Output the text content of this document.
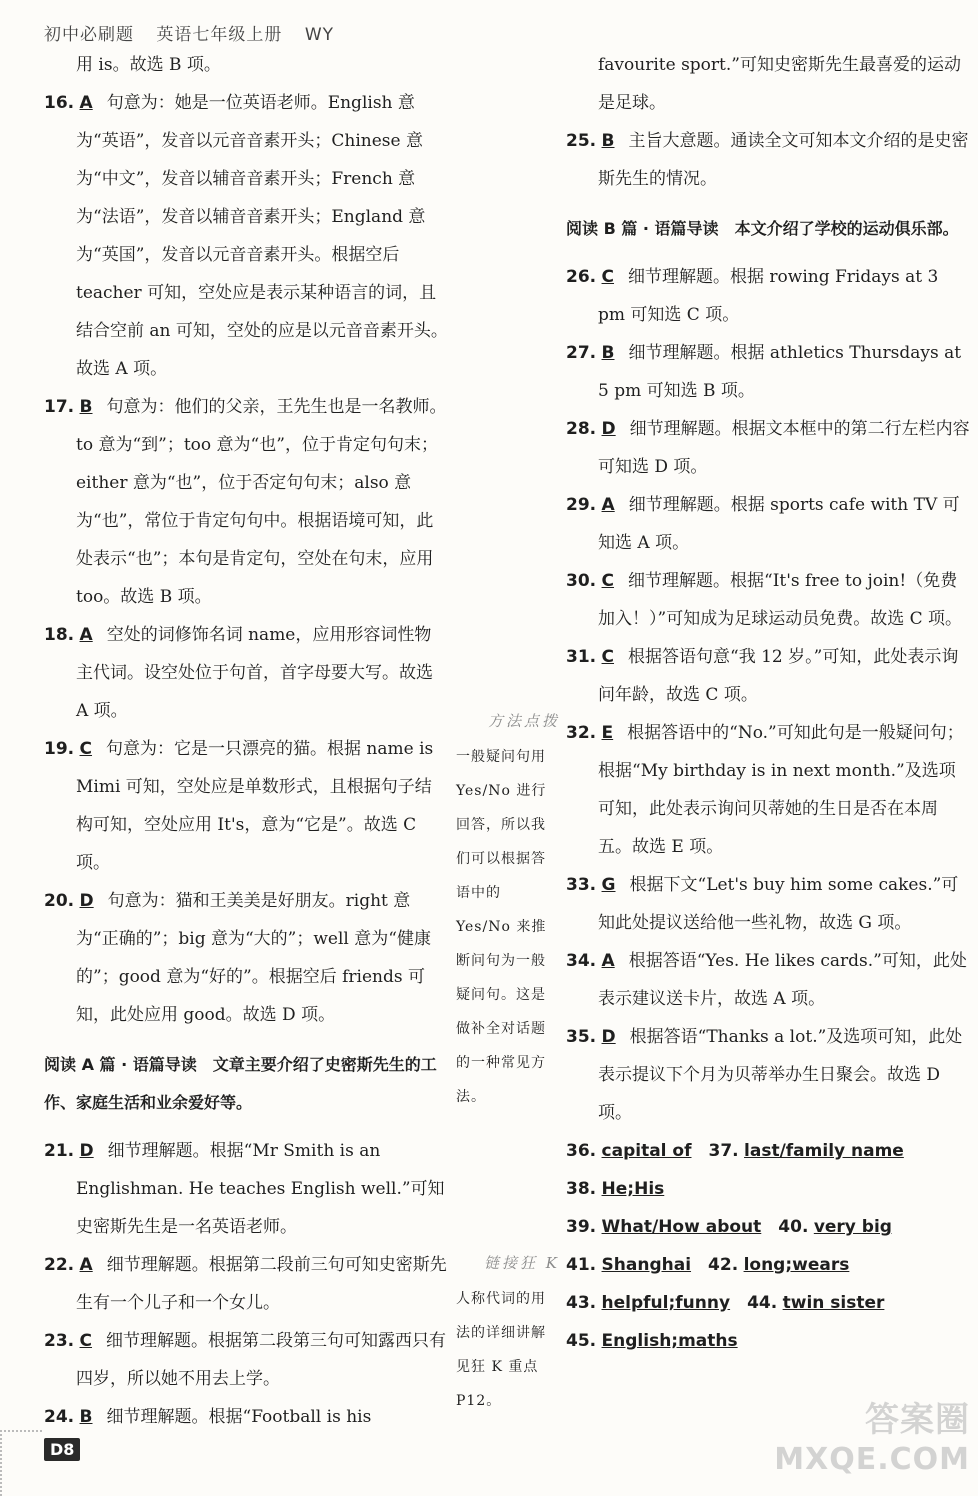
初中必刷题 英语七年级上册 WY

用 is。故选 B 项。

16. A 句意为：她是一位英语老师。English 意为“英语”，发音以元音音素开头；Chinese 意为“中文”，发音以辅音音素开头；French 意为“法语”，发音以辅音音素开头；England 意为“英国”，发音以元音音素开头。根据空后 teacher 可知，空处应是表示某种语言的词，且结合空前 an 可知，空处的应是以元音音素开头。故选 A 项。

17. B 句意为：他们的父亲，王先生也是一名教师。to 意为“到”；too 意为“也”，位于肯定句句末；either 意为“也”，位于否定句句末；also 意为“也”，常位于肯定句句中。根据语境可知，此处表示“也”；本句是肯定句，空处在句末，应用 too。故选 B 项。

18. A 空处的词修饰名词 name，应用形容词性物主代词。设空处位于句首，首字母要大写。故选 A 项。

19. C 句意为：它是一只漂亮的猫。根据 name is Mimi 可知，空处应是单数形式，且根据句子结构可知，空处应用 It's，意为“它是”。故选 C 项。

20. D 句意为：猫和王美美是好朋友。right 意为“正确的”；big 意为“大的”；well 意为“健康的”；good 意为“好的”。根据空后 friends 可知，此处应用 good。故选 D 项。

阅读 A 篇 · 语篇导读　 文章主要介绍了史密斯先生的工作、家庭生活和业余爱好等。

21. D 细节理解题。根据“Mr Smith is an Englishman. He teaches English well.”可知史密斯先生是一名英语老师。

22. A 细节理解题。根据第二段前三句可知史密斯先生有一个儿子和一个女儿。

23. C 细节理解题。根据第二段第三句可知露西只有四岁，所以她不用去上学。

24. B 细节理解题。根据“Football is his

方法点拨

一般疑问句用 Yes/No 进行回答，所以我们可以根据答语中的 Yes/No 来推断问句为一般疑问句。这是做补全对话题的一种常见方法。

链接狂 K

人称代词的用法的详细讲解见狂 K 重点 P12。

favourite sport.”可知史密斯先生最喜爱的运动是足球。

25. B 主旨大意题。通读全文可知本文介绍的是史密斯先生的情况。

阅读 B 篇 · 语篇导读　 本文介绍了学校的运动俱乐部。

26. C 细节理解题。根据 rowing Fridays at 3 pm 可知选 C 项。

27. B 细节理解题。根据 athletics Thursdays at 5 pm 可知选 B 项。

28. D 细节理解题。根据文本框中的第二行左栏内容可知选 D 项。

29. A 细节理解题。根据 sports cafe with TV 可知选 A 项。

30. C 细节理解题。根据“It's free to join!（免费加入！）”可知成为足球运动员免费。故选 C 项。

31. C 根据答语句意“我 12 岁。”可知，此处表示询问年龄，故选 C 项。

32. E 根据答语中的“No.”可知此句是一般疑问句；根据“My birthday is in next month.”及选项可知，此处表示询问贝蒂她的生日是否在本周五。故选 E 项。

33. G 根据下文“Let's buy him some cakes.”可知此处提议送给他一些礼物，故选 G 项。

34. A 根据答语“Yes. He likes cards.”可知，此处表示建议送卡片，故选 A 项。

35. D 根据答语“Thanks a lot.”及选项可知，此处表示提议下个月为贝蒂举办生日聚会。故选 D 项。

36. capital of　 37. last/family name

38. He;His

39. What/How about　 40. very big

41. Shanghai　 42. long;wears

43. helpful;funny　 44. twin sister

45. English;maths

D8
答案圈
MXQE.COM
